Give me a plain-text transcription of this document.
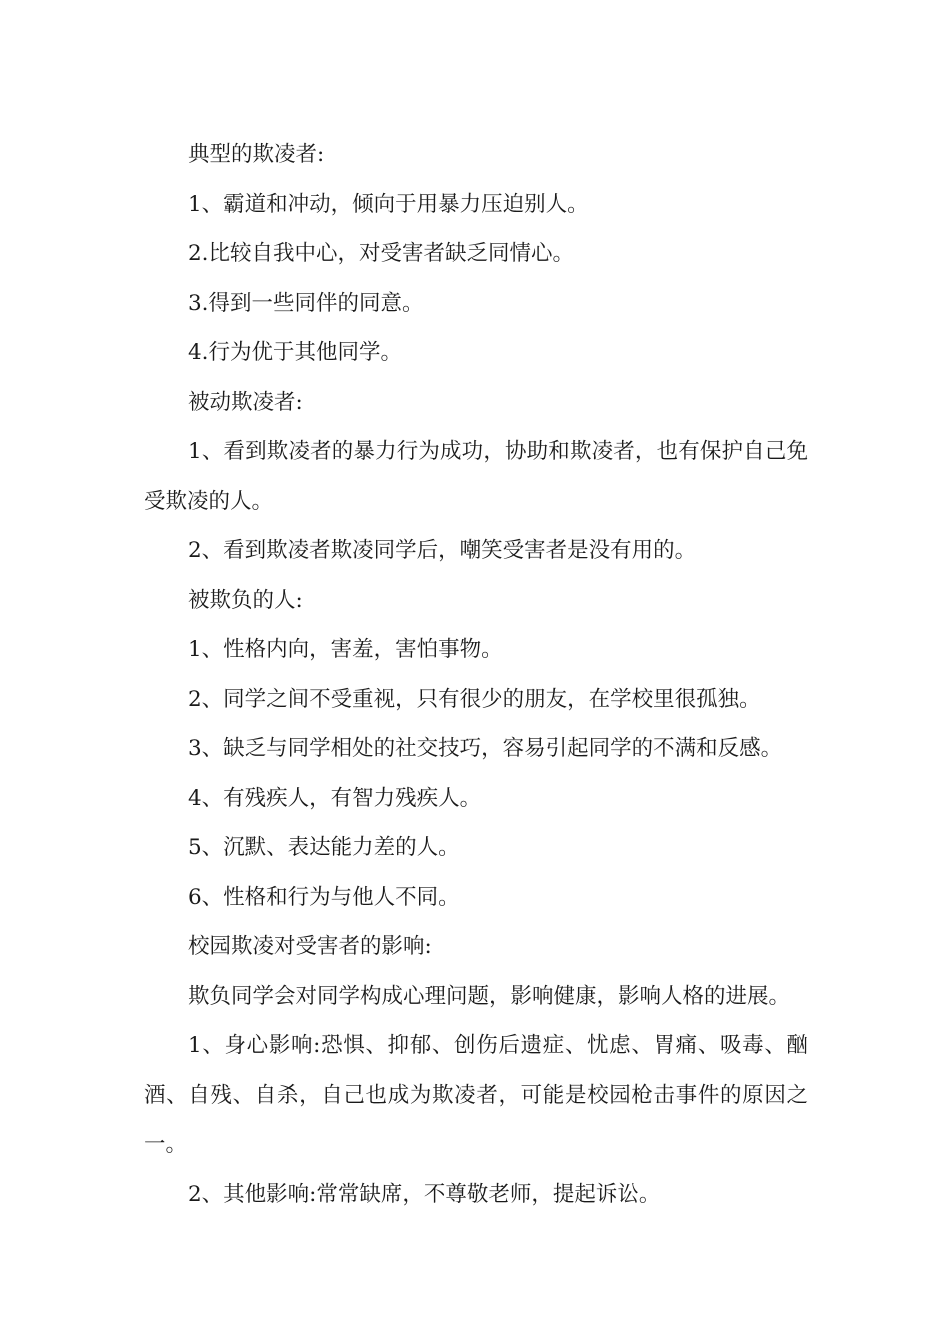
典型的欺凌者:

1、霸道和冲动，倾向于用暴力压迫别人。

2.比较自我中心，对受害者缺乏同情心。

3.得到一些同伴的同意。

4.行为优于其他同学。

被动欺凌者:

1、看到欺凌者的暴力行为成功，协助和欺凌者，也有保护自己免受欺凌的人。

2、看到欺凌者欺凌同学后，嘲笑受害者是没有用的。

被欺负的人:

1、性格内向，害羞，害怕事物。

2、同学之间不受重视，只有很少的朋友，在学校里很孤独。

3、缺乏与同学相处的社交技巧，容易引起同学的不满和反感。

4、有残疾人，有智力残疾人。

5、沉默、表达能力差的人。

6、性格和行为与他人不同。

校园欺凌对受害者的影响:

欺负同学会对同学构成心理问题，影响健康，影响人格的进展。

1、身心影响:恐惧、抑郁、创伤后遗症、忧虑、胃痛、吸毒、酗酒、自残、自杀，自己也成为欺凌者，可能是校园枪击事件的原因之一。

2、其他影响:常常缺席，不尊敬老师，提起诉讼。
